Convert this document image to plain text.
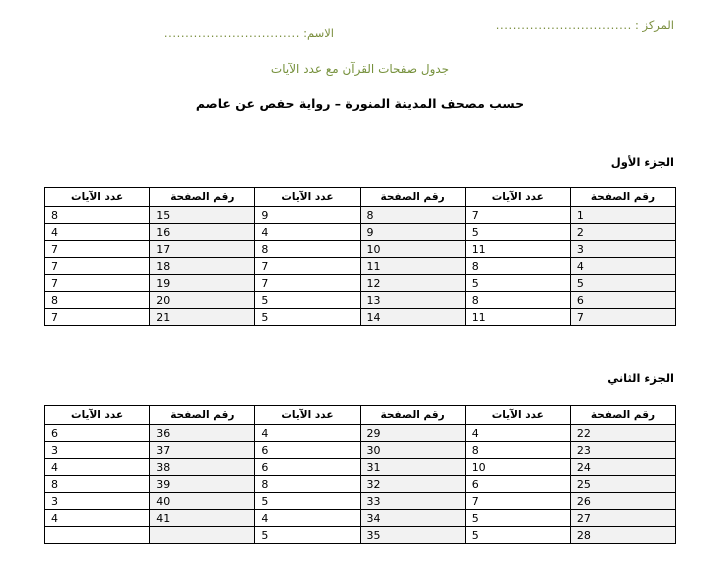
المركز :
................................
الاسم:
................................
جدول صفحات القرآن مع عدد الآيات
حسب مصحف المدينة المنورة – رواية حفص عن عاصم
الجزء الأول
رقم الصفحة	عدد الآيات	رقم الصفحة	عدد الآيات	رقم الصفحة	عدد الآيات
1	7	8	9	15	8
2	5	9	4	16	4
3	11	10	8	17	7
4	8	11	7	18	7
5	5	12	7	19	7
6	8	13	5	20	8
7	11	14	5	21	7
الجزء الثاني
رقم الصفحة	عدد الآيات	رقم الصفحة	عدد الآيات	رقم الصفحة	عدد الآيات
22	4	29	4	36	6
23	8	30	6	37	3
24	10	31	6	38	4
25	6	32	8	39	8
26	7	33	5	40	3
27	5	34	4	41	4
28	5	35	5		
